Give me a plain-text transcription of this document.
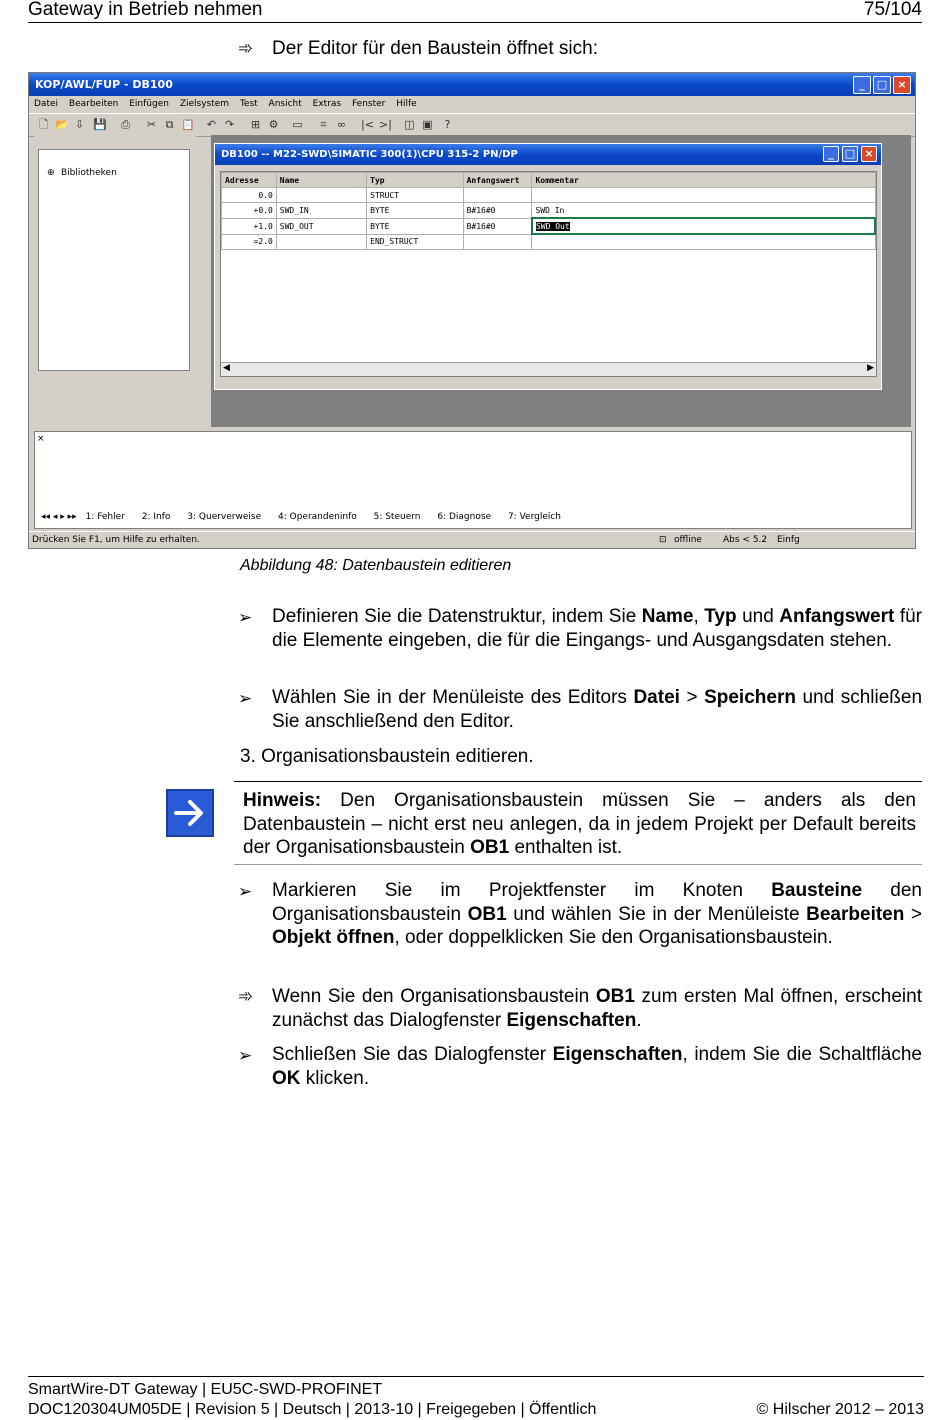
Gateway in Betrieb nehmen	75/104
➾ Der Editor für den Baustein öffnet sich:
KOP/AWL/FUP - DB100	_	□ ×
Datei Bearbeiten Einfügen Zielsystem Test Ansicht Extras Fenster Hilfe
🗋 📂 ⇩ 💾 ⎙ ✂ ⧉ 📋 ↶ ↷ ⊞ ⚙ ▭	⌗ ∞ |< >| ◫ ▣	?
⊕ Bibliotheken
DB100 -- M22-SWD\SIMATIC 300(1)\CPU 315-2 PN/DP	_	□ ×
Adresse	Name	Typ	Anfangswert	Kommentar
0.0		STRUCT		
+0.0	SWD_IN	BYTE	B#16#0	SWD In
+1.0	SWD_OUT	BYTE	B#16#0	SWD Out
=2.0		END_STRUCT		
◀	▶
×
◂◂ ◂ ▸ ▸▸ 1: Fehler 2: Info 3: Querverweise 4: Operandeninfo 5: Steuern 6: Diagnose 7: Vergleich
Drücken Sie F1, um Hilfe zu erhalten.	⊡ offline Abs < 5.2 Einfg
Abbildung 48: Datenbaustein editieren
➢ Definieren Sie die Datenstruktur, indem Sie Name, Typ und Anfangswert für die Elemente eingeben, die für die Eingangs- und Ausgangsdaten stehen.
➢ Wählen Sie in der Menüleiste des Editors Datei > Speichern und schließen Sie anschließend den Editor.
3. Organisationsbaustein editieren.
Hinweis: Den Organisationsbaustein müssen Sie – anders als den Datenbaustein – nicht erst neu anlegen, da in jedem Projekt per Default bereits der Organisationsbaustein OB1 enthalten ist.
➢ Markieren Sie im Projektfenster im Knoten Bausteine den Organisationsbaustein OB1 und wählen Sie in der Menüleiste Bearbeiten > Objekt öffnen, oder doppelklicken Sie den Organisationsbaustein.
➾ Wenn Sie den Organisationsbaustein OB1 zum ersten Mal öffnen, erscheint zunächst das Dialogfenster Eigenschaften.
➢ Schließen Sie das Dialogfenster Eigenschaften, indem Sie die Schaltfläche OK klicken.
SmartWire-DT Gateway | EU5C-SWD-PROFINET
DOC120304UM05DE | Revision 5 | Deutsch | 2013-10 | Freigegeben | Öffentlich	© Hilscher 2012 – 2013
